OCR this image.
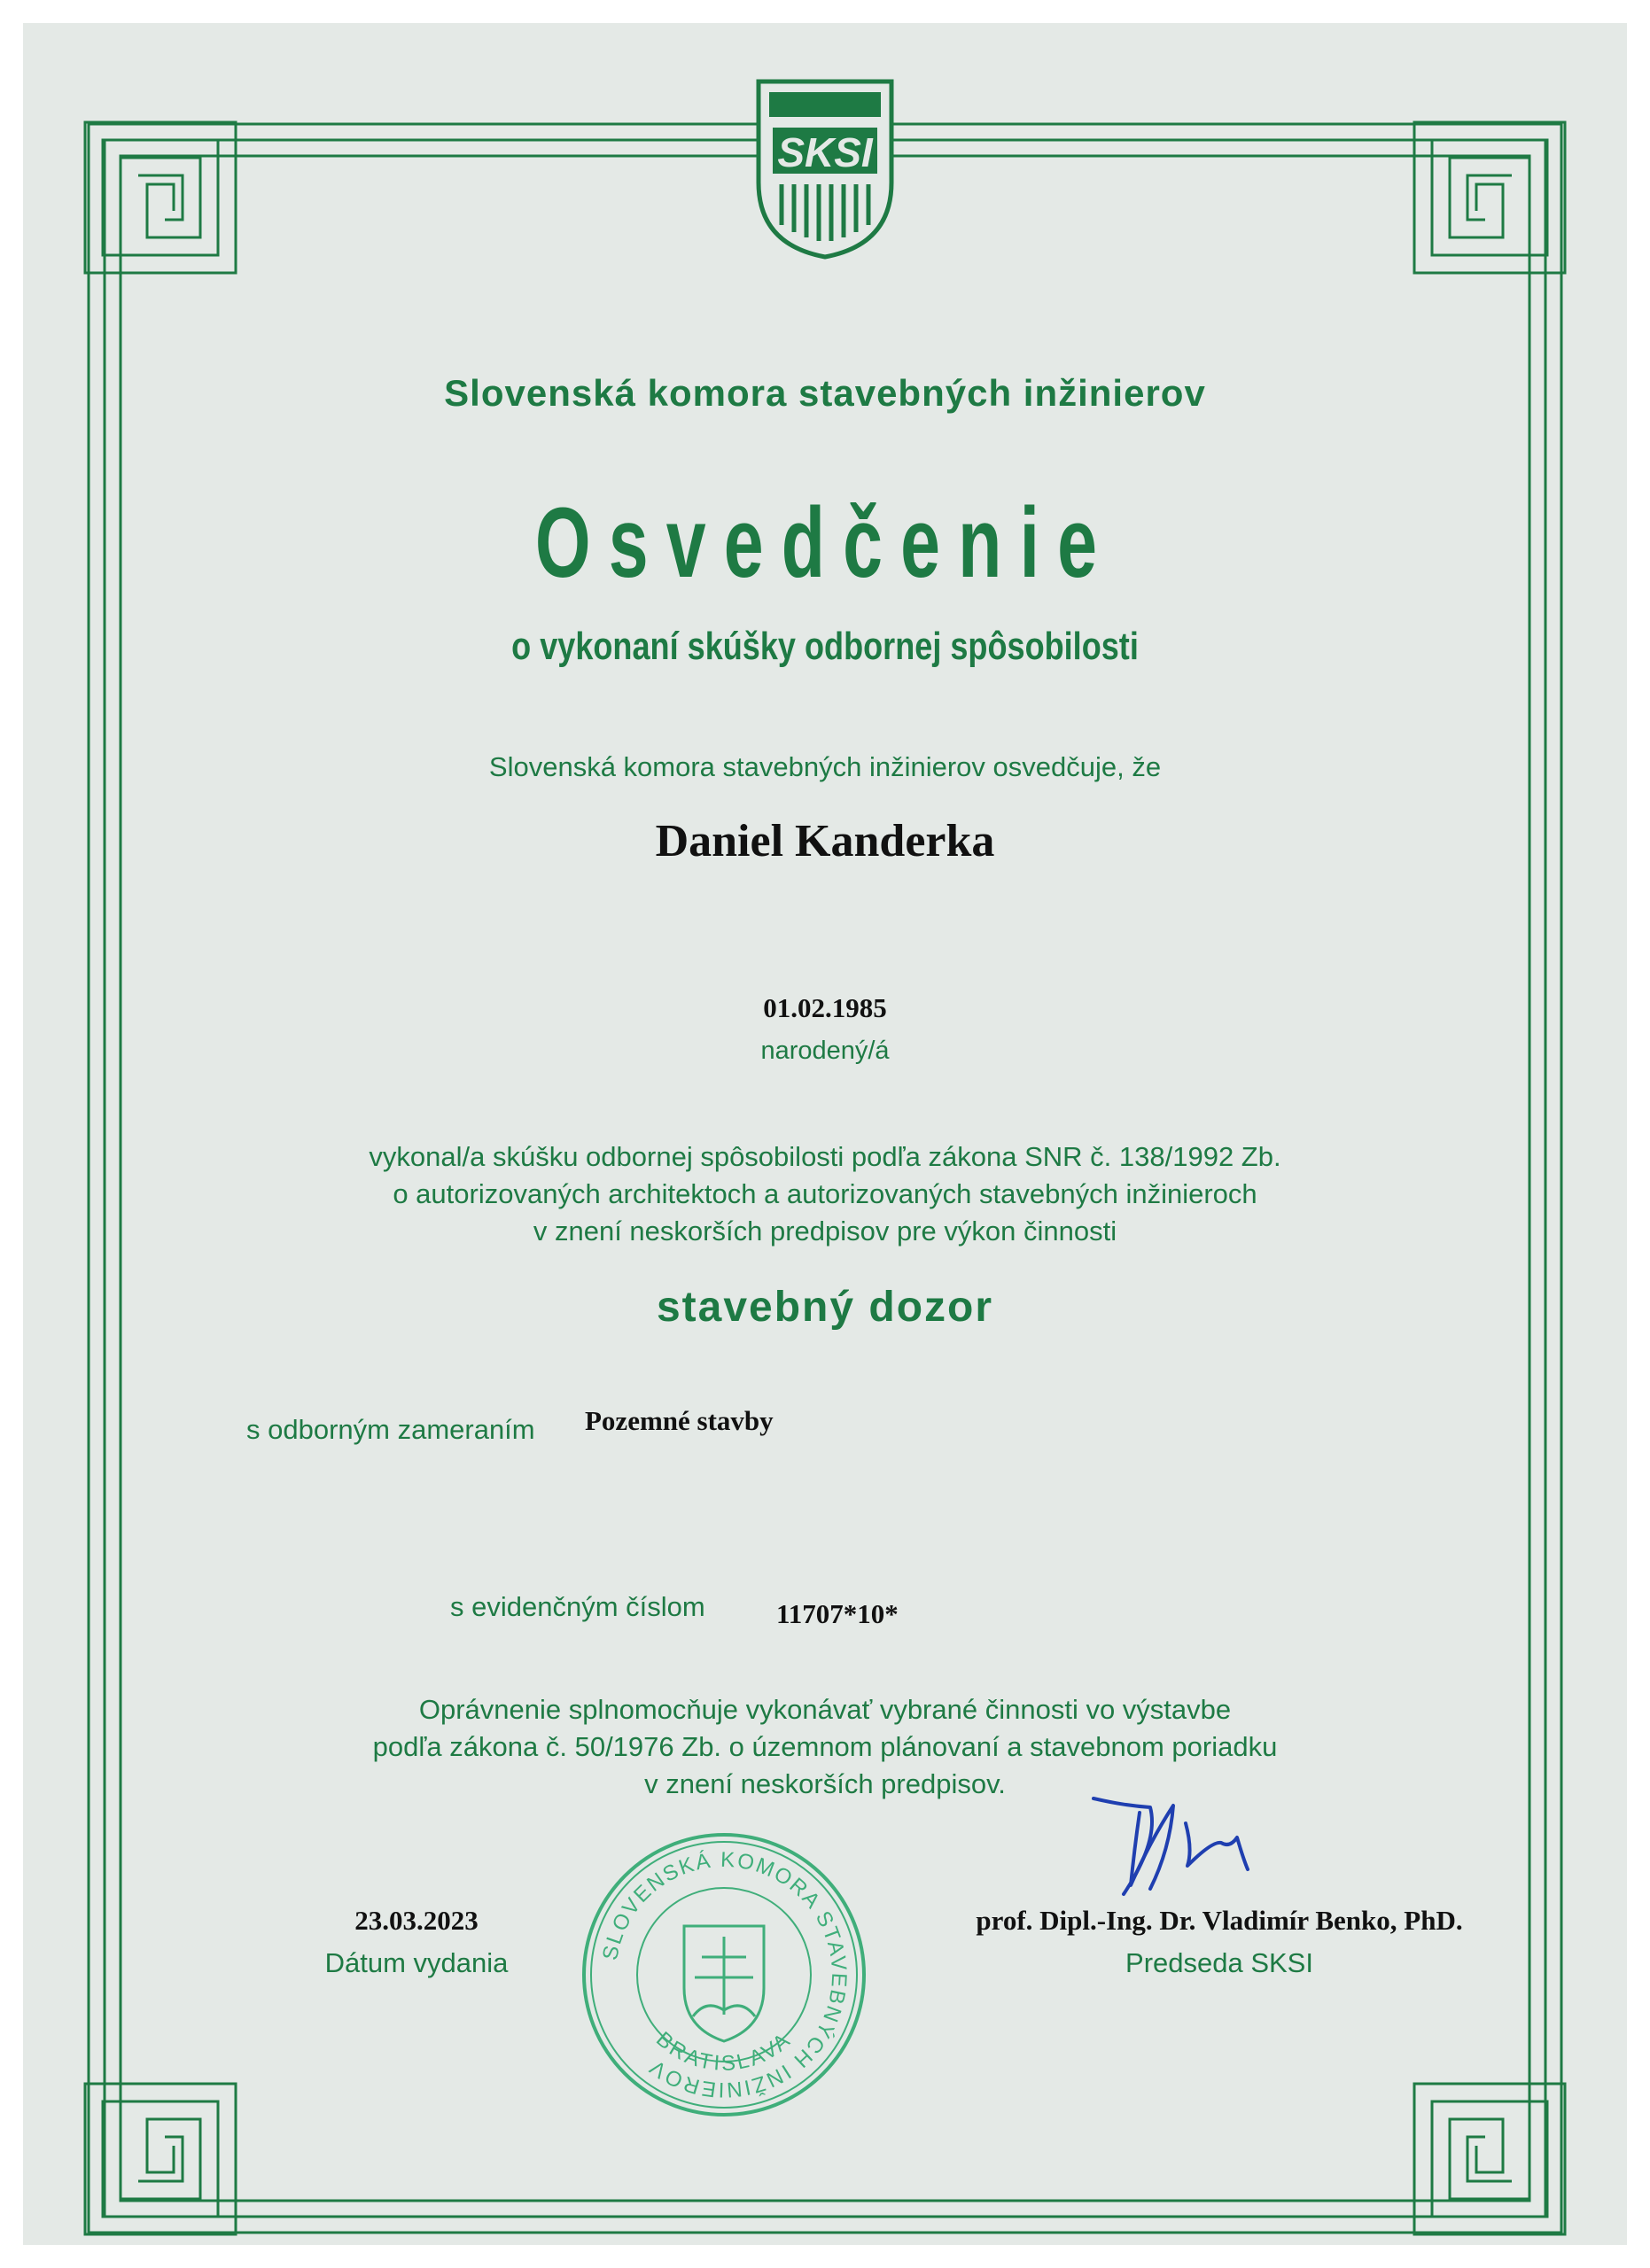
SKSI
Slovenská komora stavebných inžinierov
Osvedčenie
o vykonaní skúšky odbornej spôsobilosti
Slovenská komora stavebných inžinierov osvedčuje, že
Daniel Kanderka
01.02.1985
narodený/á
vykonal/a skúšku odbornej spôsobilosti podľa zákona SNR č. 138/1992 Zb.
o autorizovaných architektoch a autorizovaných stavebných inžinieroch
v znení neskorších predpisov pre výkon činnosti
stavebný dozor
s odborným zameraním Pozemné stavby
s evidenčným číslom	11707*10*
Oprávnenie splnomocňuje vykonávať vybrané činnosti vo výstavbe
podľa zákona č. 50/1976 Zb. o územnom plánovaní a stavebnom poriadku
v znení neskorších predpisov.
23.03.2023
Dátum vydania
prof. Dipl.-Ing. Dr. Vladimír Benko, PhD.
Predseda SKSI
SLOVENSKÁ KOMORA STAVEBNÝCH INŽINIEROV
BRATISLAVA
